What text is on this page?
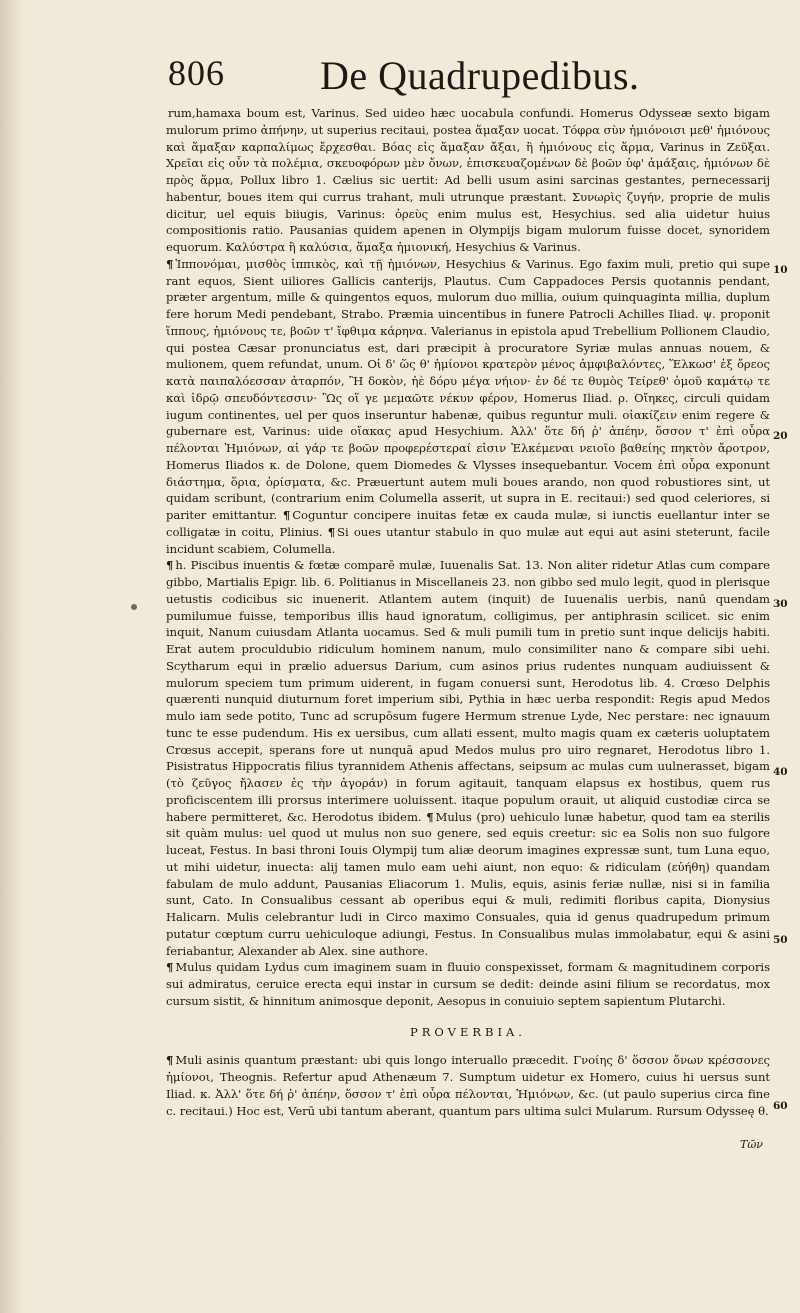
806 De Quadrupedibus.
10
20
30
40
50
60

rum,hamaxa boum est, Varinus. Sed uideo hæc uocabula confundi. Homerus Odysseæ sexto bigam mulorum primo ἀπήνην, ut superius recitaui, postea ἅμαξαν uocat. Τόφρα σὺν ἡμιόνοισι μεθ' ἡμιόνους καὶ ἅμαξαν καρπαλίμως ἔρχεσθαι. Βόας εἰς ἅμαξαν ἄξαι, ἢ ἡμιόνους εἰς ἅρμα, Varinus in Ζεῦξαι. Χρεῖαι εἰς οὖν τὰ πολέμια, σκευοφόρων μὲν ὄνων, ἐπισκευαζομένων δὲ βοῶν ὑφ' ἁμάξαις, ἡμιόνων δὲ πρὸς ἅρμα, Pollux libro 1. Cælius sic uertit: Ad belli usum asini sarcinas gestantes, pernecessarij habentur, boues item qui currus trahant, muli utrunque præstant. Συνωρὶς ζυγήν, proprie de mulis dicitur, uel equis biiugis, Varinus: ὀρεὺς enim mulus est, Hesychius. sed alia uidetur huius compositionis ratio. Pausanias quidem apenen in Olympijs bigam mulorum fuisse docet, synoridem equorum. Καλύστρα ἢ καλύσια, ἅμαξα ἡμιονική, Hesychius & Varinus.

¶ Ἱππονόμαι, μισθὸς ἱππικὸς, καὶ τῇ ἡμιόνων, Hesychius & Varinus. Ego faxim muli, pretio qui supe rant equos, Sient uiliores Gallicis canterijs, Plautus. Cum Cappadoces Persis quotannis pendant, præter argentum, mille & quingentos equos, mulorum duo millia, ouium quinquaginta millia, duplum fere horum Medi pendebant, Strabo. Præmia uincentibus in funere Patrocli Achilles Iliad. ψ. proponit ἵππους, ἡμιόνους τε, βοῶν τ' ἴφθιμα κάρηνα. Valerianus in epistola apud Trebellium Pollionem Claudio, qui postea Cæsar pronunciatus est, dari præcipit à procuratore Syriæ mulas annuas nouem, & mulionem, quem refundat, unum. Οἱ δ' ὥς θ' ἡμίονοι κρατερὸν μένος ἀμφιβαλόντες, Ἕλκωσ' ἐξ ὄρεος κατὰ παιπαλόεσσαν ἀταρπόν, Ἢ δοκὸν, ἠὲ δόρυ μέγα νήιον· ἐν δέ τε θυμὸς Τείρεθ' ὁμοῦ καμάτῳ τε καὶ ἱδρῷ σπευδόντεσσιν· Ὣς οἵ γε μεμαῶτε νέκυν φέρον, Homerus Iliad. ρ. Οἴηκες, circuli quidam iugum continentes, uel per quos inseruntur habenæ, quibus reguntur muli. οἰακίζειν enim regere & gubernare est, Varinus: uide οἴακας apud Hesychium. Ἀλλ' ὅτε δή ῥ' ἀπέην, ὅσσον τ' ἐπὶ οὖρα πέλονται Ἡμιόνων, αἱ γάρ τε βοῶν προφερέστεραί εἰσιν Ἑλκέμεναι νειοῖο βαθείης πηκτὸν ἄροτρον, Homerus Iliados κ. de Dolone, quem Diomedes & Vlysses insequebantur. Vocem ἐπὶ οὖρα exponunt διάστημα, ὅρια, ὁρίσματα, &c. Præuertunt autem muli boues arando, non quod robustiores sint, ut quidam scribunt, (contrarium enim Columella asserit, ut supra in E. recitaui:) sed quod celeriores, si pariter emittantur. ¶ Coguntur concipere inuitas fetæ ex cauda mulæ, si iunctis euellantur inter se colligatæ in coitu, Plinius. ¶ Si oues utantur stabulo in quo mulæ aut equi aut asini steterunt, facile incidunt scabiem, Columella.

¶ h. Piscibus inuentis & fœtæ comparē mulæ, Iuuenalis Sat. 13. Non aliter ridetur Atlas cum compare gibbo, Martialis Epigr. lib. 6. Politianus in Miscellaneis 23. non gibbo sed mulo legit, quod in plerisque uetustis codicibus sic inuenerit. Atlantem autem (inquit) de Iuuenalis uerbis, nanū quendam pumilumue fuisse, temporibus illis haud ignoratum, colligimus, per antiphrasin scilicet. sic enim inquit, Nanum cuiusdam Atlanta uocamus. Sed & muli pumili tum in pretio sunt inque delicijs habiti. Erat autem proculdubio ridiculum hominem nanum, mulo consimiliter nano & compare sibi uehi. Scytharum equi in prælio aduersus Darium, cum asinos prius rudentes nunquam audiuissent & mulorum speciem tum primum uiderent, in fugam conuersi sunt, Herodotus lib. 4. Crœso Delphis quærenti nunquid diuturnum foret imperium sibi, Pythia in hæc uerba respondit: Regis apud Medos mulo iam sede potito, Tunc ad scrupōsum fugere Hermum strenue Lyde, Nec perstare: nec ignauum tunc te esse pudendum. His ex uersibus, cum allati essent, multo magis quam ex cæteris uoluptatem Crœsus accepit, sperans fore ut nunquā apud Medos mulus pro uiro regnaret, Herodotus libro 1. Pisistratus Hippocratis filius tyrannidem Athenis affectans, seipsum ac mulas cum uulnerasset, bigam (τὸ ζεῦγος ἤλασεν ἐς τὴν ἀγοράν) in forum agitauit, tanquam elapsus ex hostibus, quem rus proficiscentem illi prorsus interimere uoluissent. itaque populum orauit, ut aliquid custodiæ circa se habere permitteret, &c. Herodotus ibidem. ¶ Mulus (pro) uehiculo lunæ habetur, quod tam ea sterilis sit quàm mulus: uel quod ut mulus non suo genere, sed equis creetur: sic ea Solis non suo fulgore luceat, Festus. In basi throni Iouis Olympij tum aliæ deorum imagines expressæ sunt, tum Luna equo, ut mihi uidetur, inuecta: alij tamen mulo eam uehi aiunt, non equo: & ridiculam (εὐήθη) quandam fabulam de mulo addunt, Pausanias Eliacorum 1. Mulis, equis, asinis feriæ nullæ, nisi si in familia sunt, Cato. In Consualibus cessant ab operibus equi & muli, redimiti floribus capita, Dionysius Halicarn. Mulis celebrantur ludi in Circo maximo Consuales, quia id genus quadrupedum primum putatur cœptum curru uehiculoque adiungi, Festus. In Consualibus mulas immolabatur, equi & asini feriabantur, Alexander ab Alex. sine authore.

¶ Mulus quidam Lydus cum imaginem suam in fluuio conspexisset, formam & magnitudinem corporis sui admiratus, ceruice erecta equi instar in cursum se dedit: deinde asini filium se recordatus, mox cursum sistit, & hinnitum animosque deponit, Aesopus in conuiuio septem sapientum Plutarchi.

PROVERBIA.

¶ Muli asinis quantum præstant: ubi quis longo interuallo præcedit. Γνοίης δ' ὅσσον ὄνων κρέσσονες ἡμίονοι, Theognis. Refertur apud Athenæum 7. Sumptum uidetur ex Homero, cuius hi uersus sunt Iliad. κ. Ἀλλ' ὅτε δή ῥ' ἀπέην, ὅσσον τ' ἐπὶ οὖρα πέλονται, Ἡμιόνων, &c. (ut paulo superius circa fine c. recitaui.) Hoc est, Verū ubi tantum aberant, quantum pars ultima sulci Mularum. Rursum Odysseę θ.

Τῶν
